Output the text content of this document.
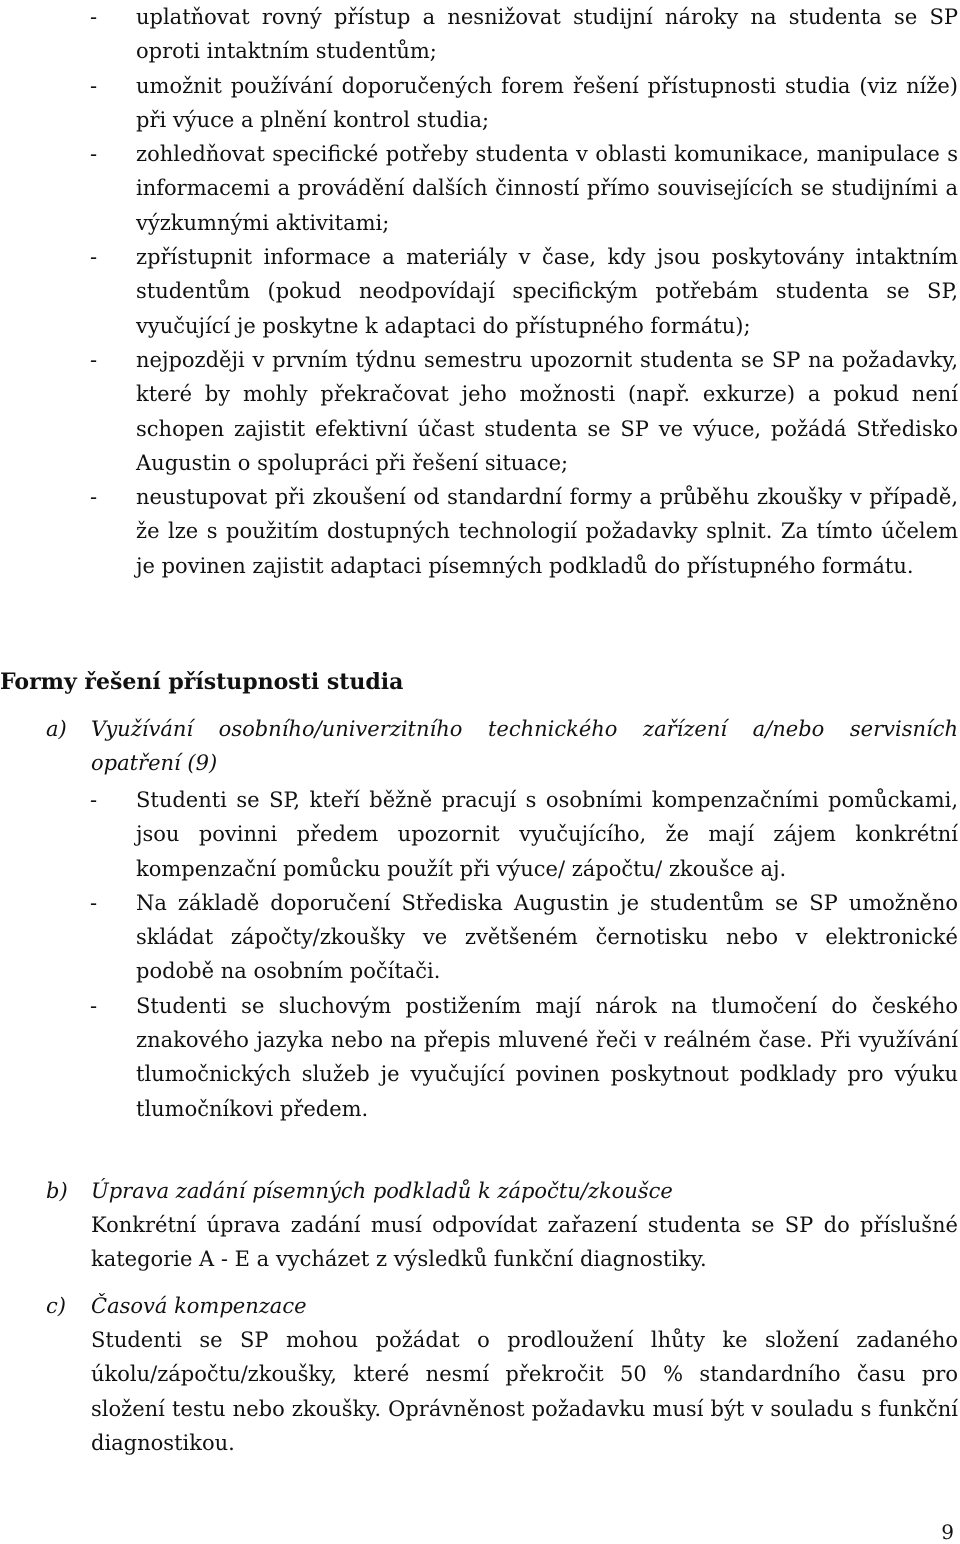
- uplatňovat rovný přístup a nesnižovat studijní nároky na studenta se SP oproti intaktním studentům;
- umožnit používání doporučených forem řešení přístupnosti studia (viz níže) při výuce a plnění kontrol studia;
- zohledňovat specifické potřeby studenta v oblasti komunikace, manipulace s informacemi a provádění dalších činností přímo souvisejících se studijními a výzkumnými aktivitami;
- zpřístupnit informace a materiály v čase, kdy jsou poskytovány intaktním studentům (pokud neodpovídají specifickým potřebám studenta se SP, vyučující je poskytne k adaptaci do přístupného formátu);
- nejpozději v prvním týdnu semestru upozornit studenta se SP na požadavky, které by mohly překračovat jeho možnosti (např. exkurze) a pokud není schopen zajistit efektivní účast studenta se SP ve výuce, požádá Středisko Augustin o spolupráci při řešení situace;
- neustupovat při zkoušení od standardní formy a průběhu zkoušky v případě, že lze s použitím dostupných technologií požadavky splnit. Za tímto účelem je povinen zajistit adaptaci písemných podkladů do přístupného formátu.
Formy řešení přístupnosti studia
a) Využívání osobního/univerzitního technického zařízení a/nebo servisních opatření (9)
- Studenti se SP, kteří běžně pracují s osobními kompenzačními pomůckami, jsou povinni předem upozornit vyučujícího, že mají zájem konkrétní kompenzační pomůcku použít při výuce/ zápočtu/ zkoušce aj.
- Na základě doporučení Střediska Augustin je studentům se SP umožněno skládat zápočty/zkoušky ve zvětšeném černotisku nebo v elektronické podobě na osobním počítači.
- Studenti se sluchovým postižením mají nárok na tlumočení do českého znakového jazyka nebo na přepis mluvené řeči v reálném čase. Při využívání tlumočnických služeb je vyučující povinen poskytnout podklady pro výuku tlumočníkovi předem.
b) Úprava zadání písemných podkladů k zápočtu/zkoušce
Konkrétní úprava zadání musí odpovídat zařazení studenta se SP do příslušné kategorie A - E a vycházet z výsledků funkční diagnostiky.
c) Časová kompenzace
Studenti se SP mohou požádat o prodloužení lhůty ke složení zadaného úkolu/zápočtu/zkoušky, které nesmí překročit 50 % standardního času pro složení testu nebo zkoušky. Oprávněnost požadavku musí být v souladu s funkční diagnostikou.
9
